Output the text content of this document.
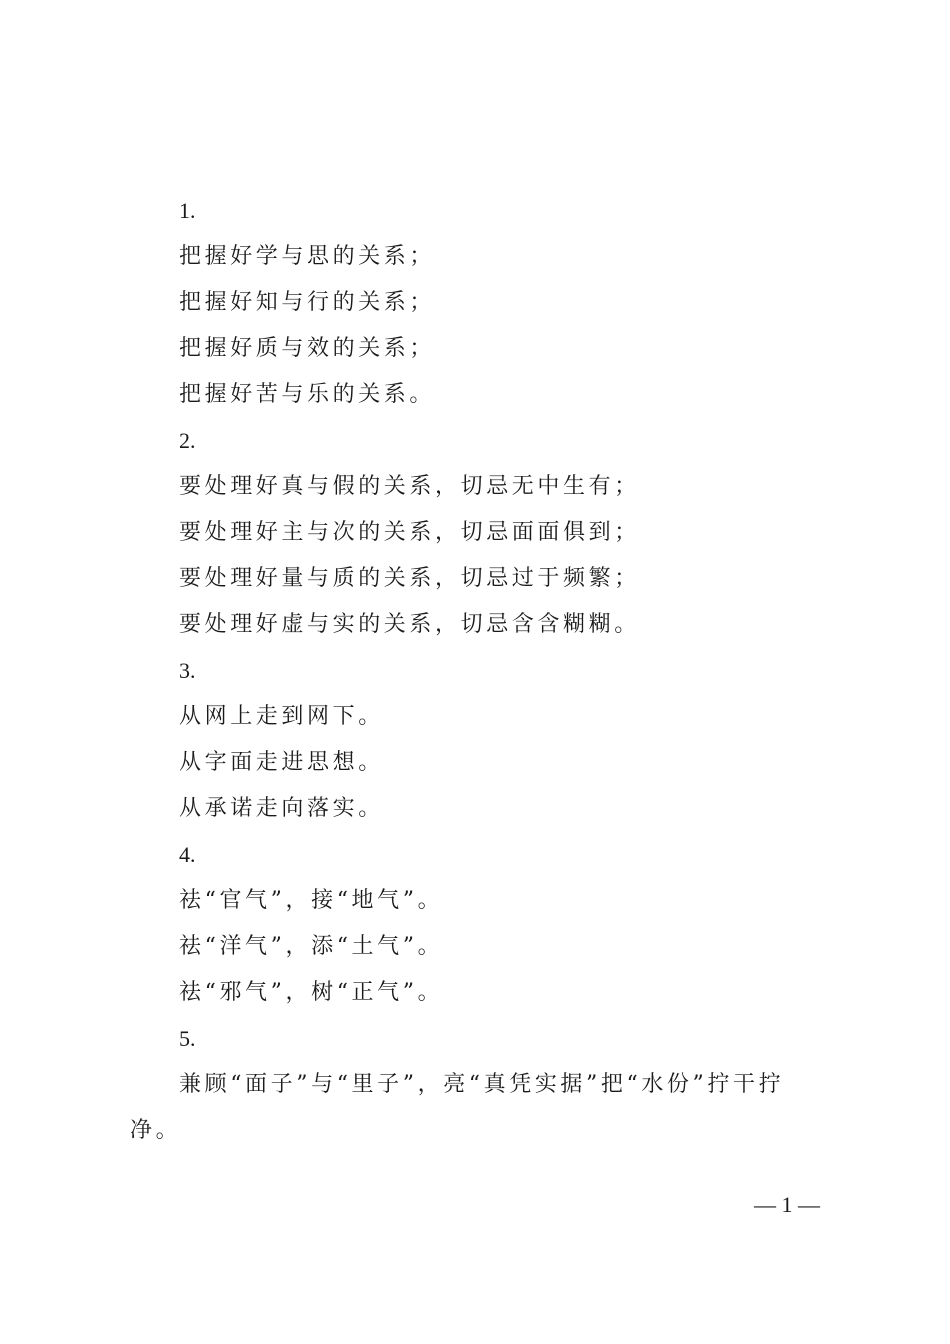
1.
把握好学与思的关系；
把握好知与行的关系；
把握好质与效的关系；
把握好苦与乐的关系。
2.
要处理好真与假的关系，切忌无中生有；
要处理好主与次的关系，切忌面面俱到；
要处理好量与质的关系，切忌过于频繁；
要处理好虚与实的关系，切忌含含糊糊。
3.
从网上走到网下。
从字面走进思想。
从承诺走向落实。
4.
祛“官气”，接“地气”。
祛“洋气”，添“土气”。
祛“邪气”，树“正气”。
5.
兼顾“面子”与“里子”，亮“真凭实据”把“水份”拧干拧净。
— 1 —
